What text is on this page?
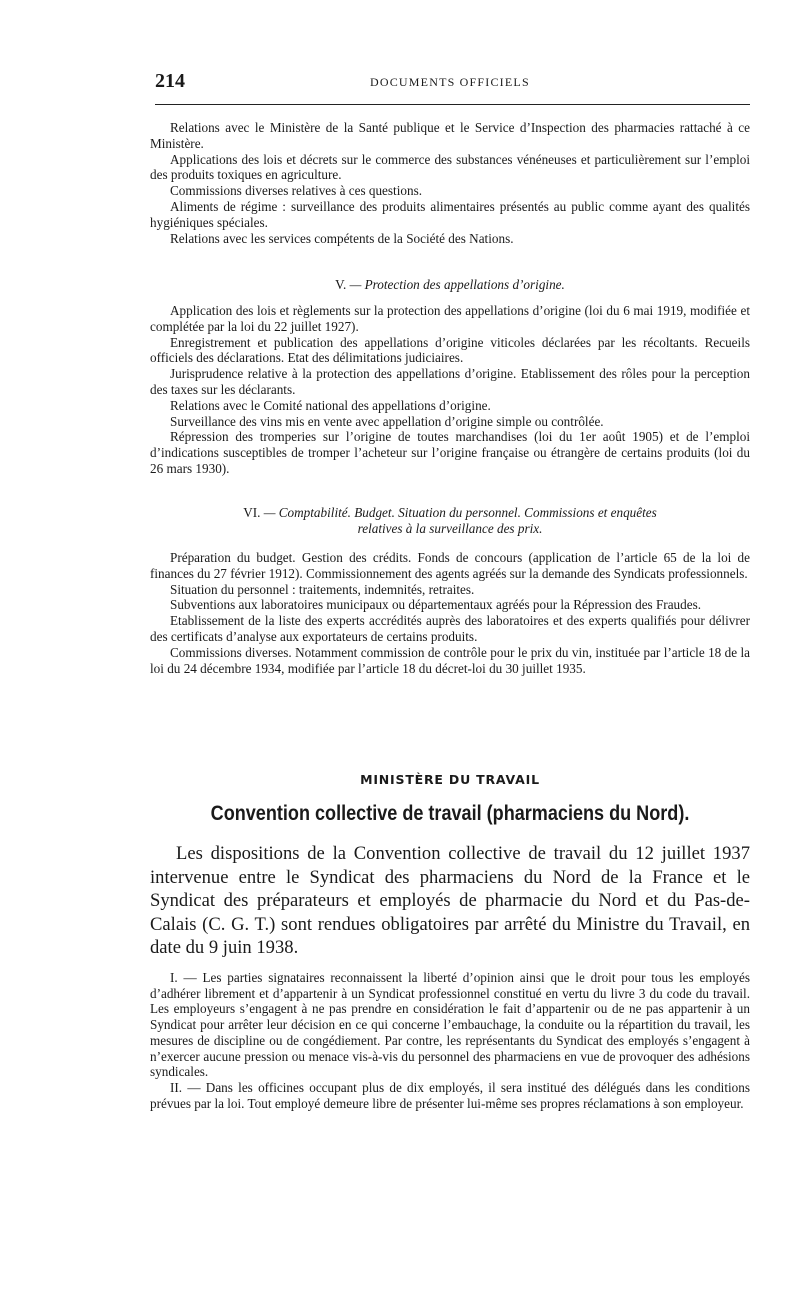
214	DOCUMENTS OFFICIELS

Relations avec le Ministère de la Santé publique et le Service d’Inspection des pharmacies rattaché à ce Ministère.

Applications des lois et décrets sur le commerce des substances vénéneuses et particulièrement sur l’emploi des produits toxiques en agriculture.

Commissions diverses relatives à ces questions.

Aliments de régime : surveillance des produits alimentaires présentés au public comme ayant des qualités hygiéniques spéciales.

Relations avec les services compétents de la Société des Nations.

V. — Protection des appellations d’origine.

Application des lois et règlements sur la protection des appellations d’origine (loi du 6 mai 1919, modifiée et complétée par la loi du 22 juillet 1927).

Enregistrement et publication des appellations d’origine viticoles déclarées par les récoltants. Recueils officiels des déclarations. Etat des délimitations judiciaires.

Jurisprudence relative à la protection des appellations d’origine. Etablissement des rôles pour la perception des taxes sur les déclarants.

Relations avec le Comité national des appellations d’origine.

Surveillance des vins mis en vente avec appellation d’origine simple ou contrôlée.

Répression des tromperies sur l’origine de toutes marchandises (loi du 1er août 1905) et de l’emploi d’indications susceptibles de tromper l’acheteur sur l’origine française ou étrangère de certains produits (loi du 26 mars 1930).

VI. — Comptabilité. Budget. Situation du personnel. Commissions et enquêtes
relatives à la surveillance des prix.

Préparation du budget. Gestion des crédits. Fonds de concours (application de l’article 65 de la loi de finances du 27 février 1912). Commissionnement des agents agréés sur la demande des Syndicats professionnels.

Situation du personnel : traitements, indemnités, retraites.

Subventions aux laboratoires municipaux ou départementaux agréés pour la Répression des Fraudes.

Etablissement de la liste des experts accrédités auprès des laboratoires et des experts qualifiés pour délivrer des certificats d’analyse aux exportateurs de certains produits.

Commissions diverses. Notamment commission de contrôle pour le prix du vin, instituée par l’article 18 de la loi du 24 décembre 1934, modifiée par l’article 18 du décret-loi du 30 juillet 1935.

MINISTÈRE DU TRAVAIL
Convention collective de travail (pharmaciens du Nord).

Les dispositions de la Convention collective de travail du 12 juillet 1937 intervenue entre le Syndicat des pharmaciens du Nord de la France et le Syndicat des préparateurs et employés de pharmacie du Nord et du Pas-de-Calais (C. G. T.) sont rendues obligatoires par arrêté du Ministre du Travail, en date du 9 juin 1938.

I. — Les parties signataires reconnaissent la liberté d’opinion ainsi que le droit pour tous les employés d’adhérer librement et d’appartenir à un Syndicat professionnel constitué en vertu du livre 3 du code du travail. Les employeurs s’engagent à ne pas prendre en considération le fait d’appartenir ou de ne pas appartenir à un Syndicat pour arrêter leur décision en ce qui concerne l’embauchage, la conduite ou la répartition du travail, les mesures de discipline ou de congédiement. Par contre, les représentants du Syndicat des employés s’engagent à n’exercer aucune pression ou menace vis-à-vis du personnel des pharmaciens en vue de provoquer des adhésions syndicales.

II. — Dans les officines occupant plus de dix employés, il sera institué des délégués dans les conditions prévues par la loi. Tout employé demeure libre de présenter lui-même ses propres réclamations à son employeur.
